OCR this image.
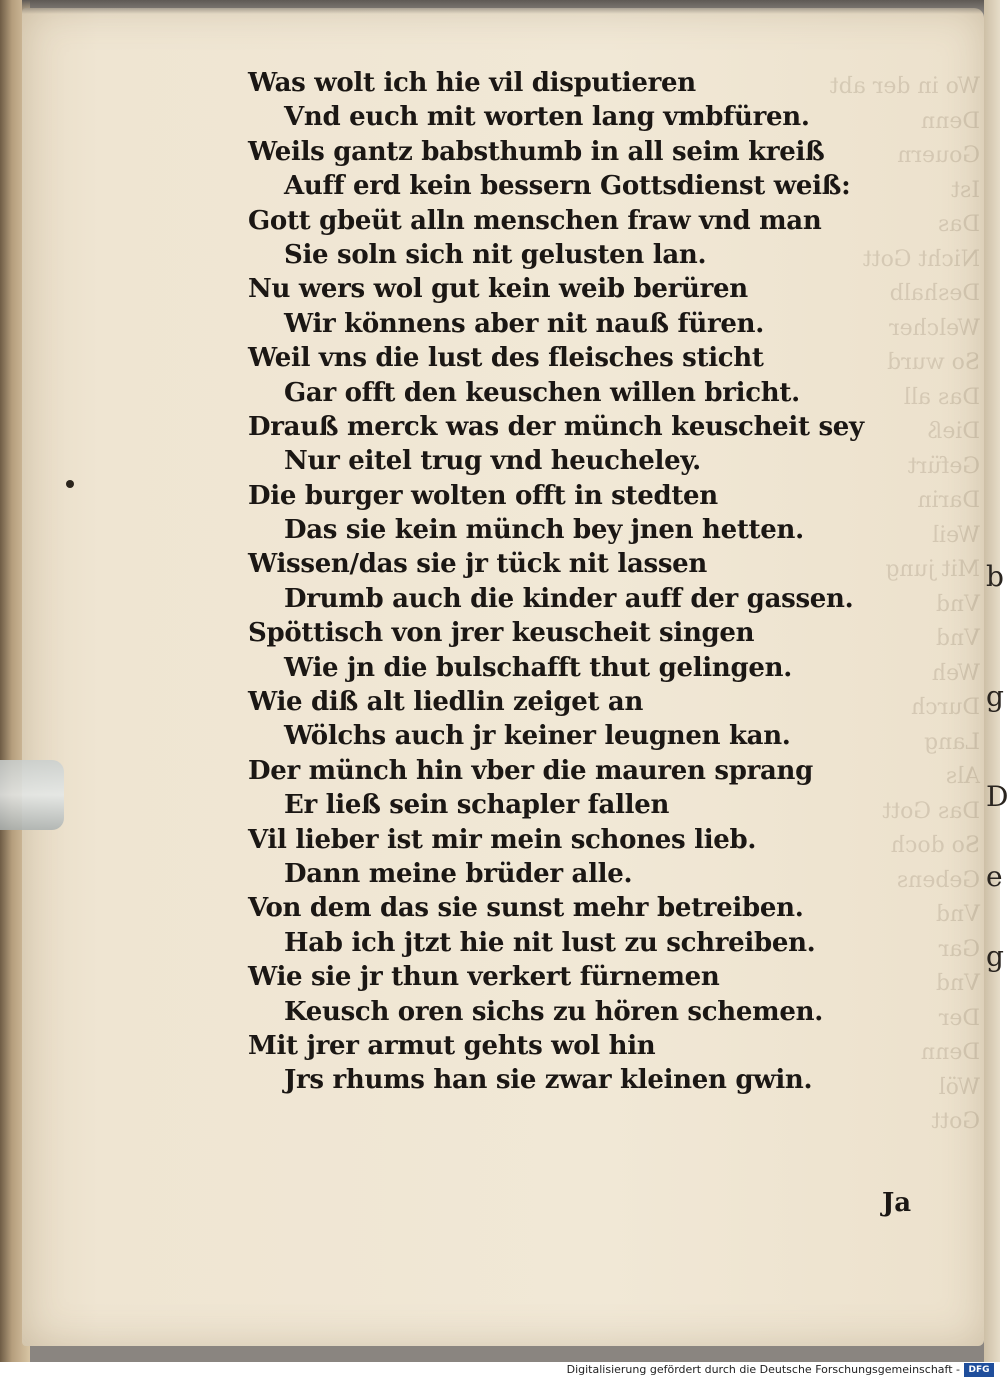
b
g
D
e
g
Wo in der abt
Denn
Gouern
Ist
Das
Nicht Gott
Deshalb
Welcher
So wurd
Das all
Dieß
Gefürt
Darin
Weil
Mit jung
Vnd
Vnd
Weh
Durch
Lang
Als
Das Gott
So doch
Gebens
Vnd
Gar
Vnd
Der
Denn
Wöl
Gott
Was wolt ich hie vil disputieren
Vnd euch mit worten lang vmbfüren.
Weils gantz babsthumb in all seim kreiß
Auff erd kein bessern Gottsdienst weiß:
Gott gbeüt alln menschen fraw vnd man
Sie soln sich nit gelusten lan.
Nu wers wol gut kein weib berüren
Wir könnens aber nit nauß füren.
Weil vns die lust des fleisches sticht
Gar offt den keuschen willen bricht.
Drauß merck was der münch keuscheit sey
Nur eitel trug vnd heucheley.
Die burger wolten offt in stedten
Das sie kein münch bey jnen hetten.
Wissen/das sie jr tück nit lassen
Drumb auch die kinder auff der gassen.
Spöttisch von jrer keuscheit singen
Wie jn die bulschafft thut gelingen.
Wie diß alt liedlin zeiget an
Wölchs auch jr keiner leugnen kan.
Der münch hin vber die mauren sprang
Er ließ sein schapler fallen
Vil lieber ist mir mein schones lieb.
Dann meine brüder alle.
Von dem das sie sunst mehr betreiben.
Hab ich jtzt hie nit lust zu schreiben.
Wie sie jr thun verkert fürnemen
Keusch oren sichs zu hören schemen.
Mit jrer armut gehts wol hin
Jrs rhums han sie zwar kleinen gwin.
Ja
Digitalisierung gefördert durch die Deutsche Forschungsgemeinschaft - DFG
